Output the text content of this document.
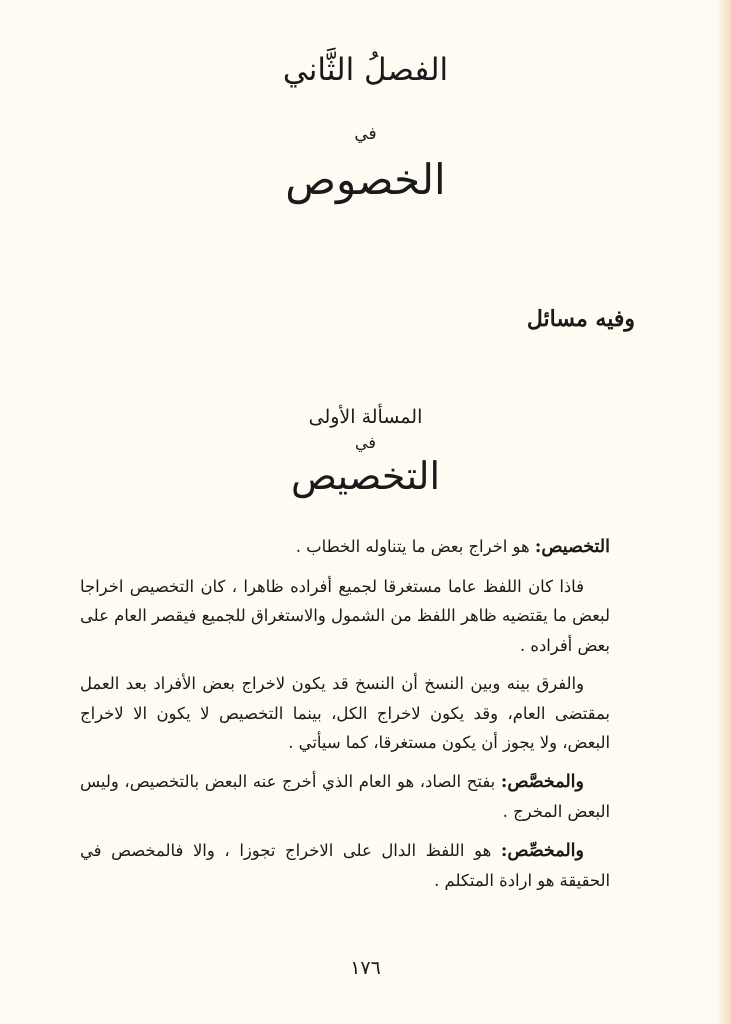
الفصلُ الثَّاني
في
الخصوص

وفيه مسائل

المسألة الأولى
في
التخصيص

التخصيص: هو اخراج بعض ما يتناوله الخطاب .

فاذا كان اللفظ عاما مستغرقا لجميع أفراده ظاهرا ، كان التخصيص اخراجا لبعض ما يقتضيه ظاهر اللفظ من الشمول والاستغراق للجميع فيقصر العام على بعض أفراده .

والفرق بينه وبين النسخ أن النسخ قد يكون لاخراج بعض الأفراد بعد العمل بمقتضى العام، وقد يكون لاخراج الكل، بينما التخصيص لا يكون الا لاخراج البعض، ولا يجوز أن يكون مستغرقا، كما سيأتي .

والمخصَّص: بفتح الصاد، هو العام الذي أخرج عنه البعض بالتخصيص، وليس البعض المخرج .

والمخصِّص: هو اللفظ الدال على الاخراج تجوزا ، والا فالمخصص في الحقيقة هو ارادة المتكلم .

١٧٦
